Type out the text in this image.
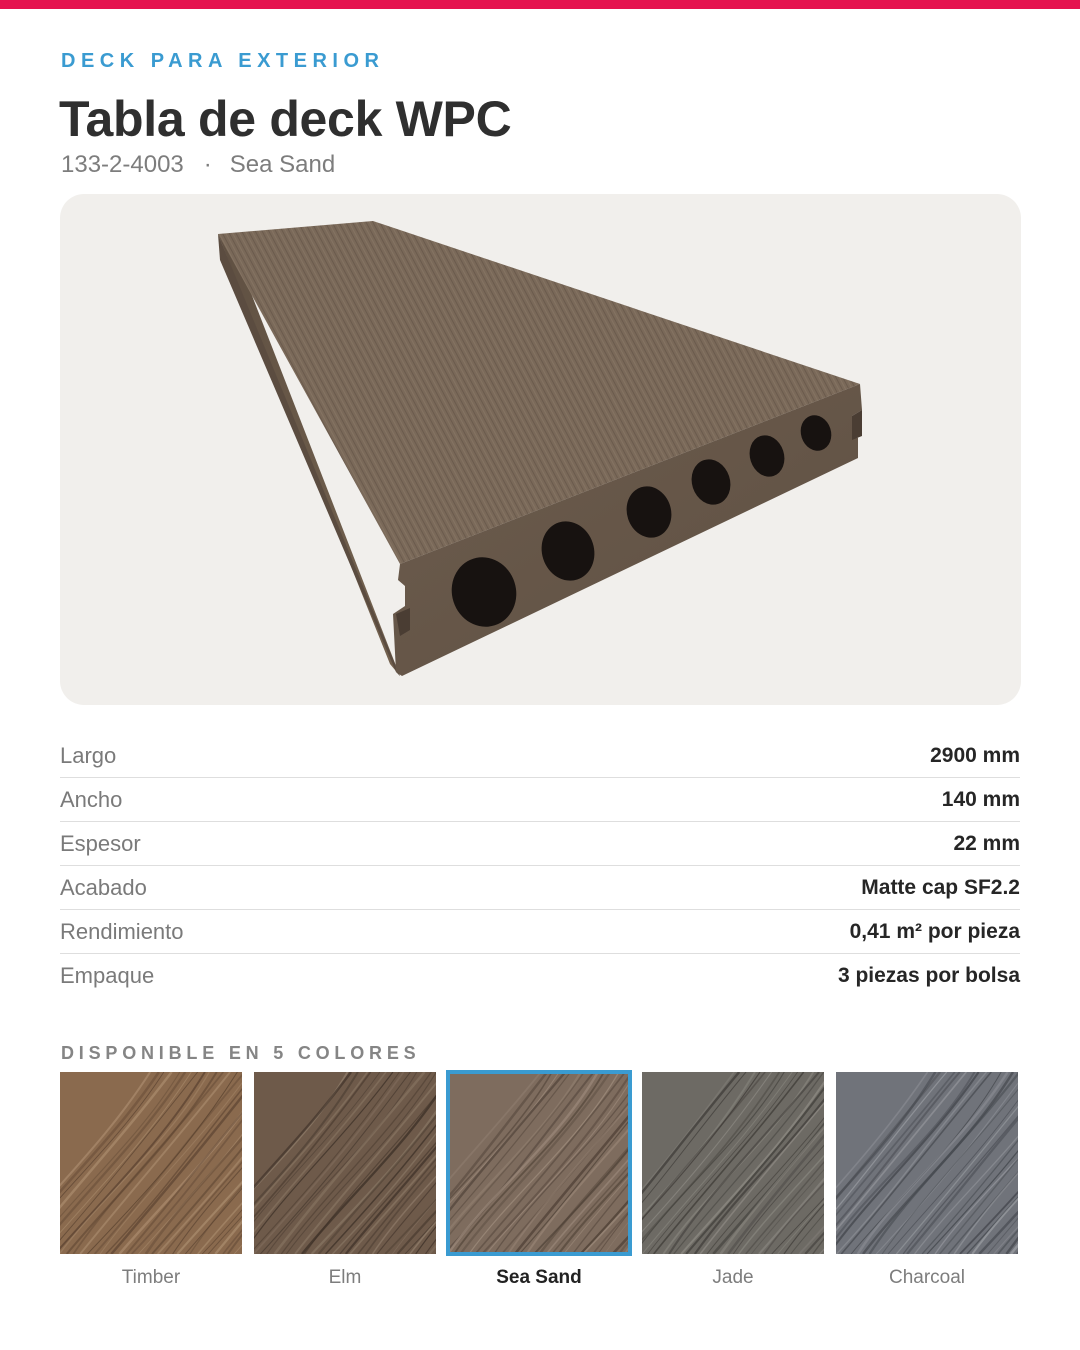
DECK PARA EXTERIOR
Tabla de deck WPC
133-2-4003 · Sea Sand
Largo	2900 mm
Ancho	140 mm
Espesor	22 mm
Acabado	Matte cap SF2.2
Rendimiento	0,41 m² por pieza
Empaque	3 piezas por bolsa
DISPONIBLE EN 5 COLORES
Timber	Elm	Sea Sand	Jade	Charcoal
